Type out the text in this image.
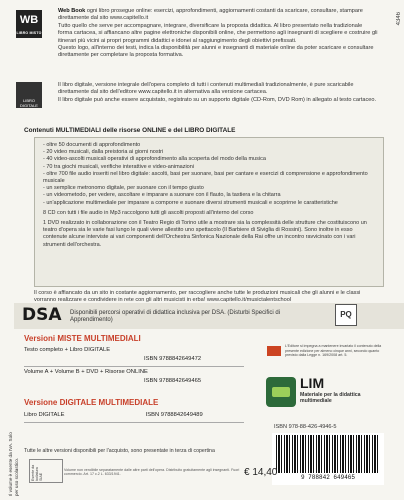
4346
WB
LIBRO MISTO
Web Book ogni libro prosegue online: esercizi, approfondimenti, aggiornamenti costanti da scaricare, consultare, stampare direttamente dal sito www.capitello.it
Tutto quello che serve per accompagnare, integrare, diversificare la proposta didattica. Al libro presentato nella tradizionale forma cartacea, si affiancano altre pagine elettroniche disponibili online, che permettono agli insegnanti di scegliere e costruire gli itinerari più vicini ai propri programmi didattici e idonei al raggiungimento degli obiettivi prefissati.
Questo logo, all'interno dei testi, indica la disponibilità per alunni e insegnanti di materiale online da poter scaricare e consultare direttamente per completare la proposta formativa.
LIBRO DIGITALE
Il libro digitale, versione integrale dell'opera completo di tutti i contenuti multimediali tradizionalmente, è pure scaricabile direttamente dal sito dell'editore www.capitello.it in alternativa alla versione cartacea.
Il libro digitale può anche essere acquistato, registrato su un supporto digitale (CD-Rom, DVD Rom) in allegato al testo cartaceo.
Contenuti MULTIMEDIALI delle risorse ONLINE e del LIBRO DIGITALE
- oltre 50 documenti di approfondimento
- 20 video musicali, dalla preistoria ai giorni nostri
- 40 video-ascolti musicali operativi di approfondimento alla scoperta del modo della musica
- 70 tra giochi musicali, verifiche interattive e video-animazioni
- oltre 700 file audio inseriti nel libro digitale: ascolti, basi per suonare, basi per cantare e esercizi di comprensione e approfondimento musicale
- un semplice metronomo digitale, per suonare con il tempo giusto
- un videometodo, per vedere, ascoltare e imparare a suonare con il flauto, la tastiera e la chitarra
- un'applicazione multimediale per imparare a comporre e suonare diversi strumenti musicali e scoprirne le caratteristiche

8 CD con tutti i file audio in Mp3 raccolgono tutti gli ascolti proposti all'interno del corso

1 DVD realizzato in collaborazione con il Teatro Regio di Torino utile a mostrare sia la complessità delle strutture che costituiscono un teatro d'opera sia le varie fasi lungo le quali viene allestito uno spettacolo (Il Barbiere di Siviglia di Rossini). Sono inoltre in esso contenute alcune interviste ai vari componenti dell'Orchestra Sinfonica Nazionale della Rai offre un incontro ravvicinato con i vari strumenti dell'orchestra.

Il corso è affiancato da un sito in costante aggiornamento, per raccogliere anche tutte le produzioni musicali che gli alunni e le classi vorranno realizzare e condividere in rete con gli altri musicisti in erba! www.capitello.it/musictalentschool
DSA Disponibili percorsi operativi di didattica inclusiva per DSA. (Disturbi Specifici di Apprendimento)
PQ
L'Editore si impegna a mantenere invariato il contenuto della presente edizione per almeno cinque anni, secondo quanto previsto dalla Legge n. 169/2008 art. 5.
Versioni MISTE MULTIMEDIALI
Testo completo + Libro DIGITALE
ISBN 9788842649472
Volume A + Volume B + DVD + Risorse ONLINE
ISBN 9788842649465
Versione DIGITALE MULTIMEDIALE
Libro DIGITALE	ISBN 9788842649489
Tutte le altre versioni disponibili per l'acquisto, sono presentate in terza di copertina
LIM
Materiale per la didattica multimediale
ISBN 978-88-426-4946-5
9 788842 649465
€ 14,40
Esente da bollatura SIAE
Volume non vendibile separatamente dalle altre parti dell'opera. Distribuito gratuitamente agli insegnanti. Fuori commercio. Art. 17 c.2 L. 633/1941.
Il volume è esente da IVA. Solo per uso scolastico.
